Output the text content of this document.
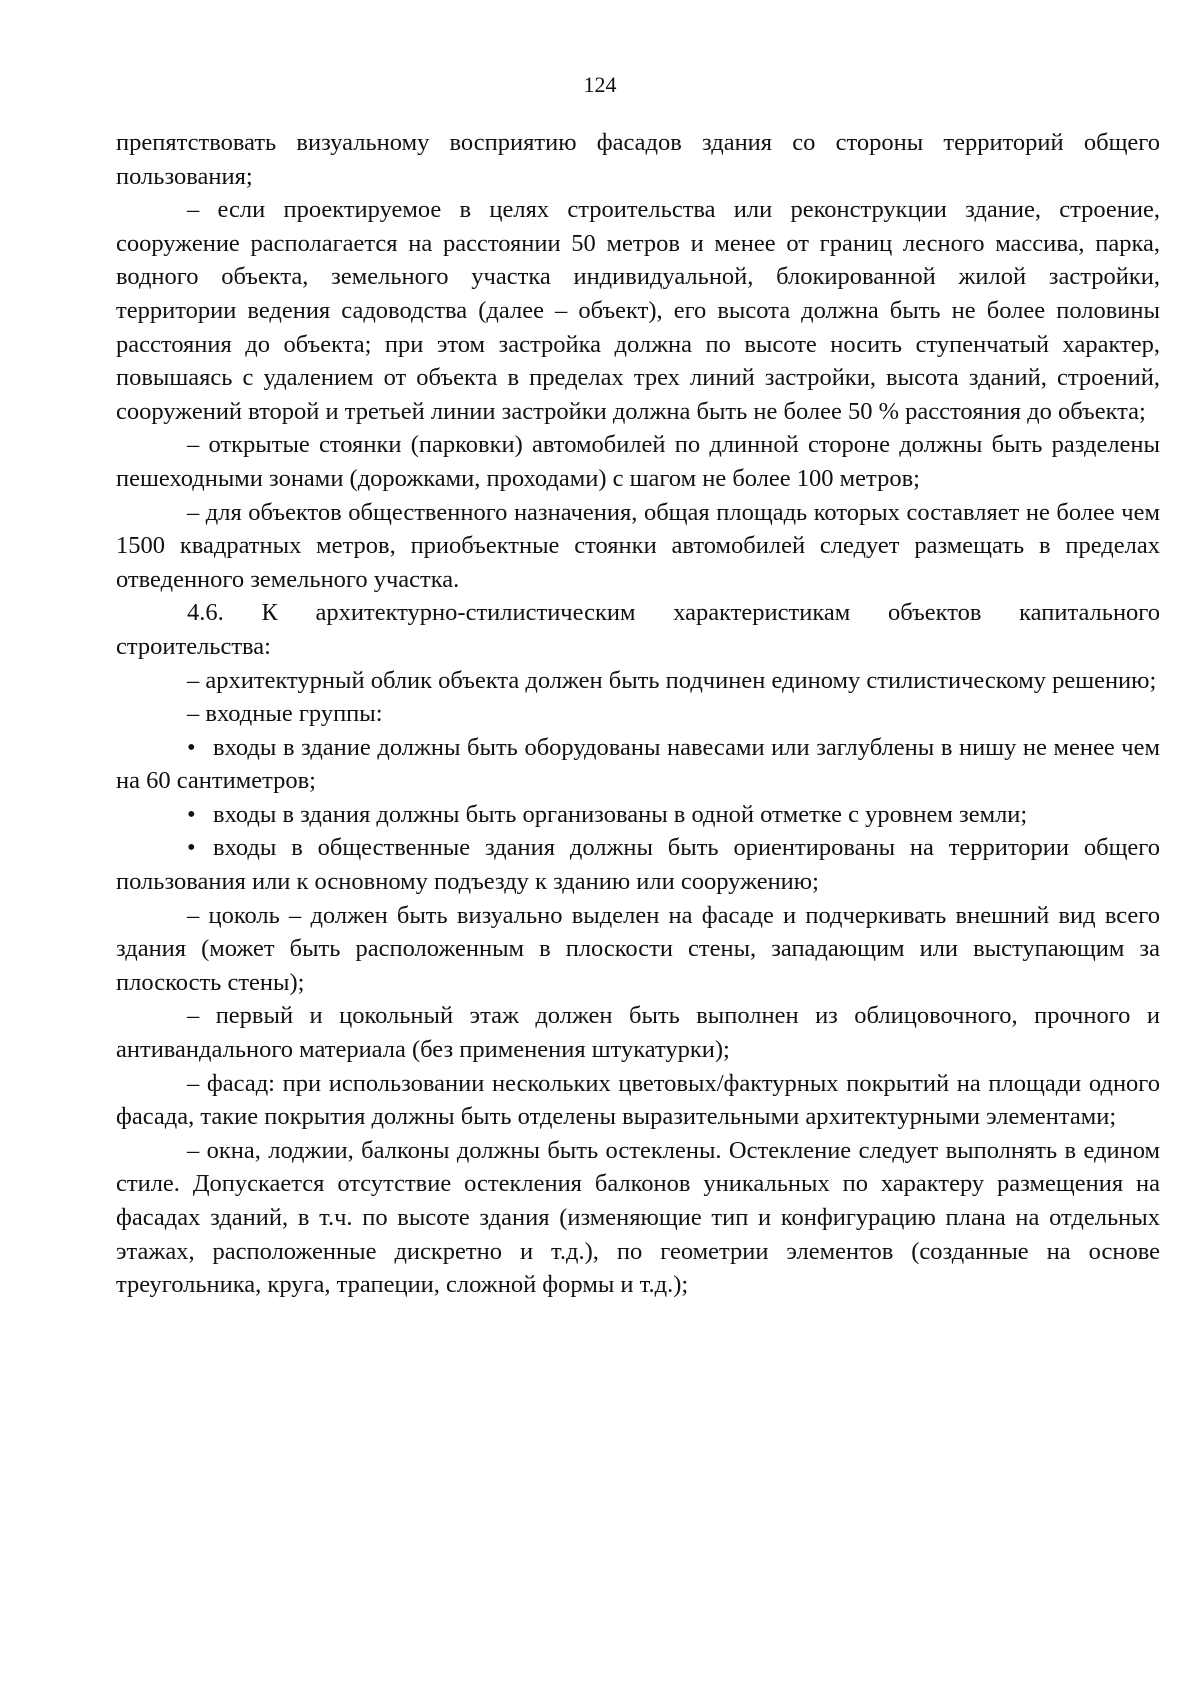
124

препятствовать визуальному восприятию фасадов здания со стороны территорий общего пользования;

– если проектируемое в целях строительства или реконструкции здание, строение, сооружение располагается на расстоянии 50 метров и менее от границ лесного массива, парка, водного объекта, земельного участка индивидуальной, блокированной жилой застройки, территории ведения садоводства (далее – объект), его высота должна быть не более половины расстояния до объекта; при этом застройка должна по высоте носить ступенчатый характер, повышаясь с удалением от объекта в пределах трех линий застройки, высота зданий, строений, сооружений второй и третьей линии застройки должна быть не более 50 % расстояния до объекта;

– открытые стоянки (парковки) автомобилей по длинной стороне должны быть разделены пешеходными зонами (дорожками, проходами) с шагом не более 100 метров;

– для объектов общественного назначения, общая площадь которых составляет не более чем 1500 квадратных метров, приобъектные стоянки автомобилей следует размещать в пределах отведенного земельного участка.

4.6. К архитектурно-стилистическим характеристикам объектов капитального строительства:

– архитектурный облик объекта должен быть подчинен единому стилистическому решению;

– входные группы:

• входы в здание должны быть оборудованы навесами или заглублены в нишу не менее чем на 60 сантиметров;

• входы в здания должны быть организованы в одной отметке с уровнем земли;

• входы в общественные здания должны быть ориентированы на территории общего пользования или к основному подъезду к зданию или сооружению;

– цоколь – должен быть визуально выделен на фасаде и подчеркивать внешний вид всего здания (может быть расположенным в плоскости стены, западающим или выступающим за плоскость стены);

– первый и цокольный этаж должен быть выполнен из облицовочного, прочного и антивандального материала (без применения штукатурки);

– фасад: при использовании нескольких цветовых/фактурных покрытий на площади одного фасада, такие покрытия должны быть отделены выразительными архитектурными элементами;

– окна, лоджии, балконы должны быть остеклены. Остекление следует выполнять в едином стиле. Допускается отсутствие остекления балконов уникальных по характеру размещения на фасадах зданий, в т.ч. по высоте здания (изменяющие тип и конфигурацию плана на отдельных этажах, расположенные дискретно и т.д.), по геометрии элементов (созданные на основе треугольника, круга, трапеции, сложной формы и т.д.);
